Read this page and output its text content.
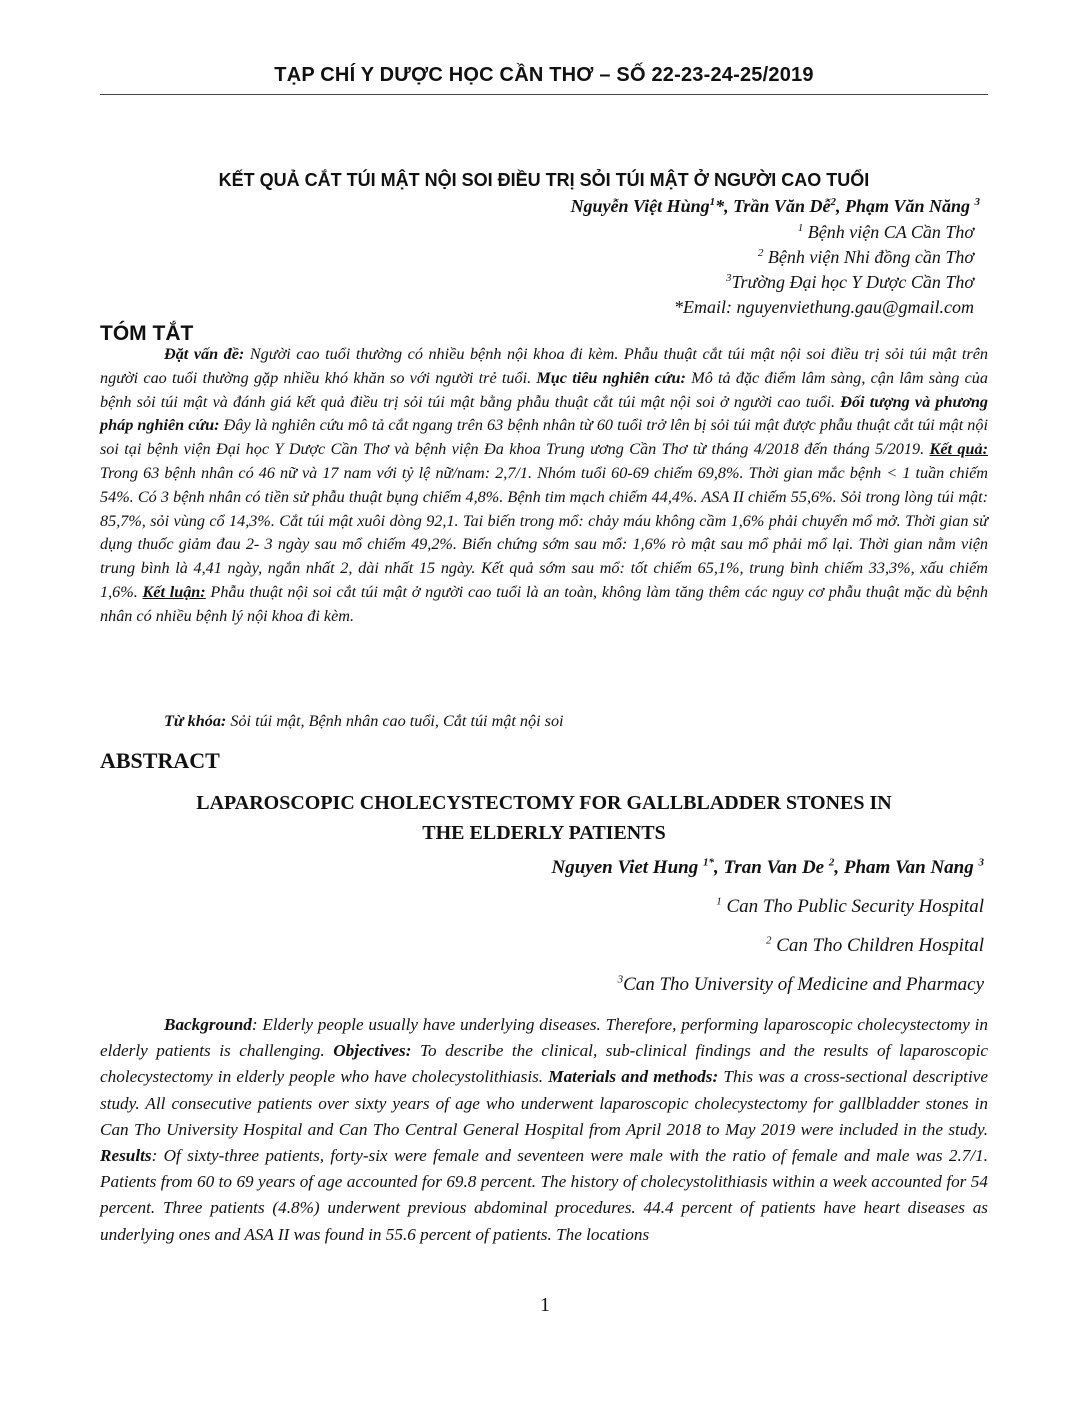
TẠP CHÍ Y DƯỢC HỌC CẦN THƠ – SỐ 22-23-24-25/2019
KẾT QUẢ CẮT TÚI MẬT NỘI SOI ĐIỀU TRỊ SỎI TÚI MẬT Ở NGƯỜI CAO TUỔI
Nguyễn Việt Hùng$^1$*, Trần Văn Dễ$^2$, Phạm Văn Năng $^3$
$^1$ Bệnh viện CA Cần Thơ
$^2$ Bệnh viện Nhi đồng cần Thơ
$^3$Trường Đại học Y Dược Cần Thơ
*Email: nguyenviethung.gau@gmail.com
TÓM TẮT

Đặt vấn đề: Người cao tuổi thường có nhiều bệnh nội khoa đi kèm. Phẫu thuật cắt túi mật nội soi điều trị sỏi túi mật trên người cao tuổi thường gặp nhiều khó khăn so với người trẻ tuổi. Mục tiêu nghiên cứu: Mô tả đặc điểm lâm sàng, cận lâm sàng của bệnh sỏi túi mật và đánh giá kết quả điều trị sỏi túi mật bằng phẫu thuật cắt túi mật nội soi ở người cao tuổi. Đối tượng và phương pháp nghiên cứu: Đây là nghiên cứu mô tả cắt ngang trên 63 bệnh nhân từ 60 tuổi trở lên bị sỏi túi mật được phẫu thuật cắt túi mật nội soi tại bệnh viện Đại học Y Dược Cần Thơ và bệnh viện Đa khoa Trung ương Cần Thơ từ tháng 4/2018 đến tháng 5/2019. Kết quả: Trong 63 bệnh nhân có 46 nữ và 17 nam với tỷ lệ nữ/nam: 2,7/1. Nhóm tuổi 60-69 chiếm 69,8%. Thời gian mắc bệnh < 1 tuần chiếm 54%. Có 3 bệnh nhân có tiền sử phẫu thuật bụng chiếm 4,8%. Bệnh tim mạch chiếm 44,4%. ASA II chiếm 55,6%. Sỏi trong lòng túi mật: 85,7%, sỏi vùng cổ 14,3%. Cắt túi mật xuôi dòng 92,1. Tai biến trong mổ: chảy máu không cầm 1,6% phải chuyển mổ mở. Thời gian sử dụng thuốc giảm đau 2- 3 ngày sau mổ chiếm 49,2%. Biến chứng sớm sau mổ: 1,6% rò mật sau mổ phải mổ lại. Thời gian nằm viện trung bình là 4,41 ngày, ngắn nhất 2, dài nhất 15 ngày. Kết quả sớm sau mổ: tốt chiếm 65,1%, trung bình chiếm 33,3%, xấu chiếm 1,6%. Kết luận: Phẫu thuật nội soi cắt túi mật ở người cao tuổi là an toàn, không làm tăng thêm các nguy cơ phẫu thuật mặc dù bệnh nhân có nhiều bệnh lý nội khoa đi kèm.

Từ khóa: Sỏi túi mật, Bệnh nhân cao tuổi, Cắt túi mật nội soi
ABSTRACT
LAPAROSCOPIC CHOLECYSTECTOMY FOR GALLBLADDER STONES IN
THE ELDERLY PATIENTS
Nguyen Viet Hung $^{1*}$, Tran Van De $^2$, Pham Van Nang $^3$
$^1$ Can Tho Public Security Hospital
$^2$ Can Tho Children Hospital
$^3$Can Tho University of Medicine and Pharmacy

Background: Elderly people usually have underlying diseases. Therefore, performing laparoscopic cholecystectomy in elderly patients is challenging. Objectives: To describe the clinical, sub-clinical findings and the results of laparoscopic cholecystectomy in elderly people who have cholecystolithiasis. Materials and methods: This was a cross-sectional descriptive study. All consecutive patients over sixty years of age who underwent laparoscopic cholecystectomy for gallbladder stones in Can Tho University Hospital and Can Tho Central General Hospital from April 2018 to May 2019 were included in the study. Results: Of sixty-three patients, forty-six were female and seventeen were male with the ratio of female and male was 2.7/1. Patients from 60 to 69 years of age accounted for 69.8 percent. The history of cholecystolithiasis within a week accounted for 54 percent. Three patients (4.8%) underwent previous abdominal procedures. 44.4 percent of patients have heart diseases as underlying ones and ASA II was found in 55.6 percent of patients. The locations

1
